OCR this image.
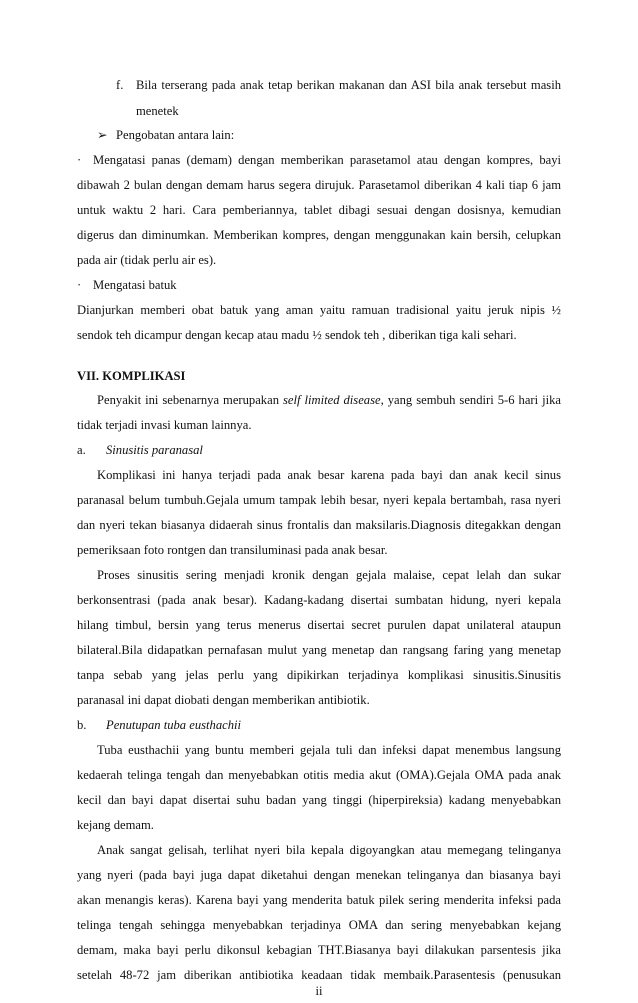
f. Bila terserang pada anak tetap berikan makanan dan ASI bila anak tersebut masih
menetek
➢ Pengobatan antara lain:
· Mengatasi panas (demam) dengan memberikan parasetamol atau dengan kompres, bayi
dibawah 2 bulan dengan demam harus segera dirujuk. Parasetamol diberikan 4 kali tiap 6 jam
untuk waktu 2 hari. Cara pemberiannya, tablet dibagi sesuai dengan dosisnya, kemudian
digerus dan diminumkan. Memberikan kompres, dengan menggunakan kain bersih, celupkan
pada air (tidak perlu air es).
· Mengatasi batuk
Dianjurkan memberi obat batuk yang aman yaitu ramuan tradisional yaitu jeruk nipis ½
sendok teh dicampur dengan kecap atau madu ½ sendok teh , diberikan tiga kali sehari.
VII. KOMPLIKASI
Penyakit ini sebenarnya merupakan self limited disease, yang sembuh sendiri 5-6 hari jika
tidak terjadi invasi kuman lainnya.
a. Sinusitis paranasal
Komplikasi ini hanya terjadi pada anak besar karena pada bayi dan anak kecil sinus
paranasal belum tumbuh.Gejala umum tampak lebih besar, nyeri kepala bertambah, rasa nyeri
dan nyeri tekan biasanya didaerah sinus frontalis dan maksilaris.Diagnosis ditegakkan dengan
pemeriksaan foto rontgen dan transiluminasi pada anak besar.
Proses sinusitis sering menjadi kronik dengan gejala malaise, cepat lelah dan sukar
berkonsentrasi (pada anak besar). Kadang-kadang disertai sumbatan hidung, nyeri kepala
hilang timbul, bersin yang terus menerus disertai secret purulen dapat unilateral ataupun
bilateral.Bila didapatkan pernafasan mulut yang menetap dan rangsang faring yang menetap
tanpa sebab yang jelas perlu yang dipikirkan terjadinya komplikasi sinusitis.Sinusitis
paranasal ini dapat diobati dengan memberikan antibiotik.
b. Penutupan tuba eusthachii
Tuba eusthachii yang buntu memberi gejala tuli dan infeksi dapat menembus langsung
kedaerah telinga tengah dan menyebabkan otitis media akut (OMA).Gejala OMA pada anak
kecil dan bayi dapat disertai suhu badan yang tinggi (hiperpireksia) kadang menyebabkan
kejang demam.
Anak sangat gelisah, terlihat nyeri bila kepala digoyangkan atau memegang telinganya
yang nyeri (pada bayi juga dapat diketahui dengan menekan telinganya dan biasanya bayi
akan menangis keras). Karena bayi yang menderita batuk pilek sering menderita infeksi pada
telinga tengah sehingga menyebabkan terjadinya OMA dan sering menyebabkan kejang
demam, maka bayi perlu dikonsul kebagian THT.Biasanya bayi dilakukan parsentesis jika
setelah 48-72 jam diberikan antibiotika keadaan tidak membaik.Parasentesis (penusukan
ii
